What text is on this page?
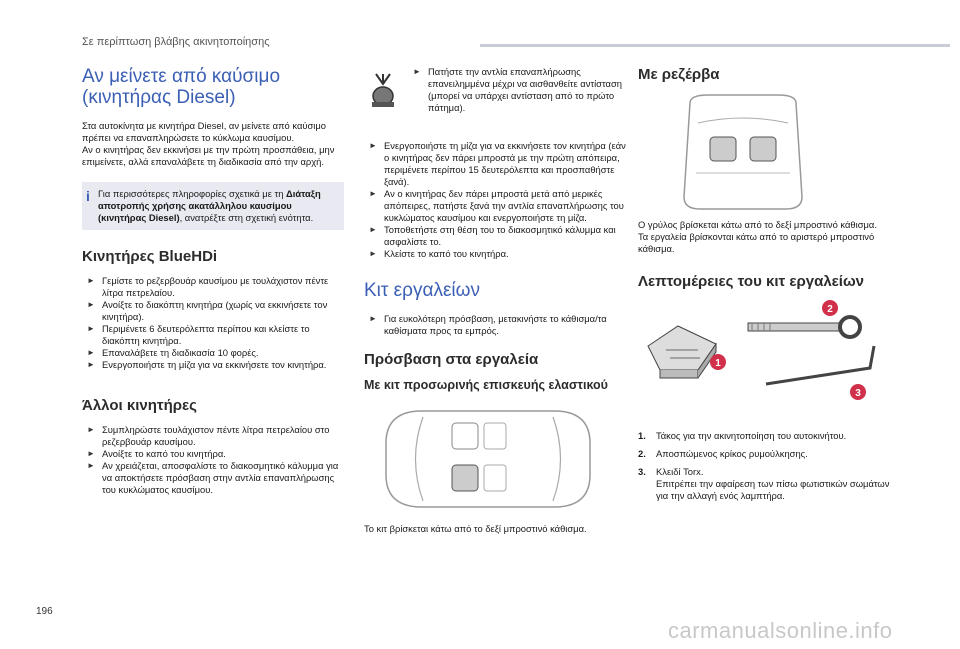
Σε περίπτωση βλάβης ακινητοποίησης
Αν μείνετε από καύσιμο (κινητήρας Diesel)

Στα αυτοκίνητα με κινητήρα Diesel, αν μείνετε από καύσιμο πρέπει να επαναπληρώσετε το κύκλωμα καυσίμου.

Αν ο κινητήρας δεν εκκινήσει με την πρώτη προσπάθεια, μην επιμείνετε, αλλά επαναλάβετε τη διαδικασία από την αρχή.

i Για περισσότερες πληροφορίες σχετικά με τη Διάταξη αποτροπής χρήσης ακατάλληλου καυσίμου (κινητήρας Diesel), ανατρέξτε στη σχετική ενότητα.

Κινητήρες BlueHDi
► Γεμίστε το ρεζερβουάρ καυσίμου με τουλάχιστον πέντε λίτρα πετρελαίου.
► Ανοίξτε το διακόπτη κινητήρα (χωρίς να εκκινήσετε τον κινητήρα).
► Περιμένετε 6 δευτερόλεπτα περίπου και κλείστε το διακόπτη κινητήρα.
► Επαναλάβετε τη διαδικασία 10 φορές.
► Ενεργοποιήστε τη μίζα για να εκκινήσετε τον κινητήρα.
Άλλοι κινητήρες
► Συμπληρώστε τουλάχιστον πέντε λίτρα πετρελαίου στο ρεζερβουάρ καυσίμου.
► Ανοίξτε το καπό του κινητήρα.
► Αν χρειάζεται, αποσφαλίστε το διακοσμητικό κάλυμμα για να αποκτήσετε πρόσβαση στην αντλία επαναπλήρωσης του κυκλώματος καυσίμου.
► Πατήστε την αντλία επαναπλήρωσης επανειλημμένα μέχρι να αισθανθείτε αντίσταση (μπορεί να υπάρχει αντίσταση από το πρώτο πάτημα).
► Ενεργοποιήστε τη μίζα για να εκκινήσετε τον κινητήρα (εάν ο κινητήρας δεν πάρει μπροστά με την πρώτη απόπειρα, περιμένετε περίπου 15 δευτερόλεπτα και προσπαθήστε ξανά).
► Αν ο κινητήρας δεν πάρει μπροστά μετά από μερικές απόπειρες, πατήστε ξανά την αντλία επαναπλήρωσης του κυκλώματος καυσίμου και ενεργοποιήστε τη μίζα.
► Τοποθετήστε στη θέση του το διακοσμητικό κάλυμμα και ασφαλίστε το.
► Κλείστε το καπό του κινητήρα.
Κιτ εργαλείων
► Για ευκολότερη πρόσβαση, μετακινήστε το κάθισμα/τα καθίσματα προς τα εμπρός.
Πρόσβαση στα εργαλεία
Με κιτ προσωρινής επισκευής ελαστικού

Το κιτ βρίσκεται κάτω από το δεξί μπροστινό κάθισμα.

Με ρεζέρβα

Ο γρύλος βρίσκεται κάτω από το δεξί μπροστινό κάθισμα.

Τα εργαλεία βρίσκονται κάτω από το αριστερό μπροστινό κάθισμα.

Λεπτομέρειες του κιτ εργαλείων
1
2
3
1. Τάκος για την ακινητοποίηση του αυτοκινήτου.
2. Αποσπώμενος κρίκος ρυμούλκησης.
3. Κλειδί Torx.
Επιτρέπει την αφαίρεση των πίσω φωτιστικών σωμάτων για την αλλαγή ενός λαμπτήρα.
196
carmanualsonline.info
